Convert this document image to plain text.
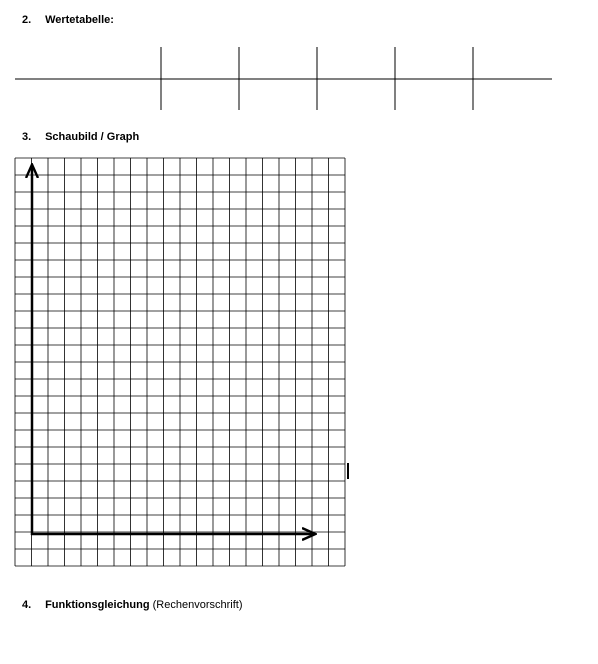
2. Wertetabelle:
3. Schaubild / Graph
4. Funktionsgleichung (Rechenvorschrift)
